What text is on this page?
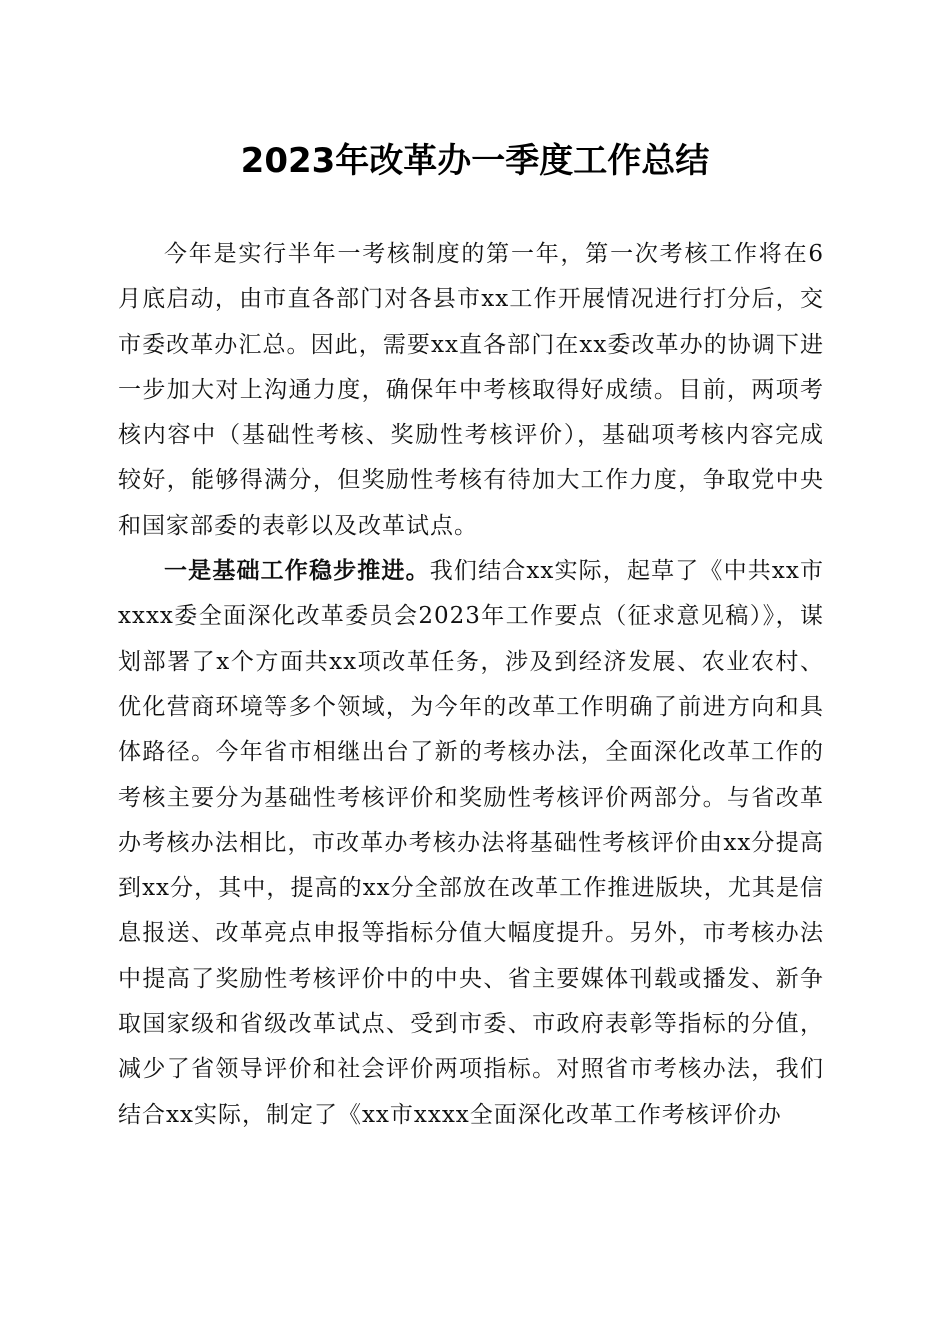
2023年改革办一季度工作总结

今年是实行半年一考核制度的第一年，第一次考核工作将在6月底启动，由市直各部门对各县市xx工作开展情况进行打分后，交市委改革办汇总。因此，需要xx直各部门在xx委改革办的协调下进一步加大对上沟通力度，确保年中考核取得好成绩。目前，两项考核内容中（基础性考核、奖励性考核评价），基础项考核内容完成较好，能够得满分，但奖励性考核有待加大工作力度，争取党中央和国家部委的表彰以及改革试点。

一是基础工作稳步推进。我们结合xx实际，起草了《中共xx市xxxx委全面深化改革委员会2023年工作要点（征求意见稿）》，谋划部署了x个方面共xx项改革任务，涉及到经济发展、农业农村、优化营商环境等多个领域，为今年的改革工作明确了前进方向和具体路径。今年省市相继出台了新的考核办法，全面深化改革工作的考核主要分为基础性考核评价和奖励性考核评价两部分。与省改革办考核办法相比，市改革办考核办法将基础性考核评价由xx分提高到xx分，其中，提高的xx分全部放在改革工作推进版块，尤其是信息报送、改革亮点申报等指标分值大幅度提升。另外，市考核办法中提高了奖励性考核评价中的中央、省主要媒体刊载或播发、新争取国家级和省级改革试点、受到市委、市政府表彰等指标的分值，减少了省领导评价和社会评价两项指标。对照省市考核办法，我们结合xx实际，制定了《xx市xxxx全面深化改革工作考核评价办
